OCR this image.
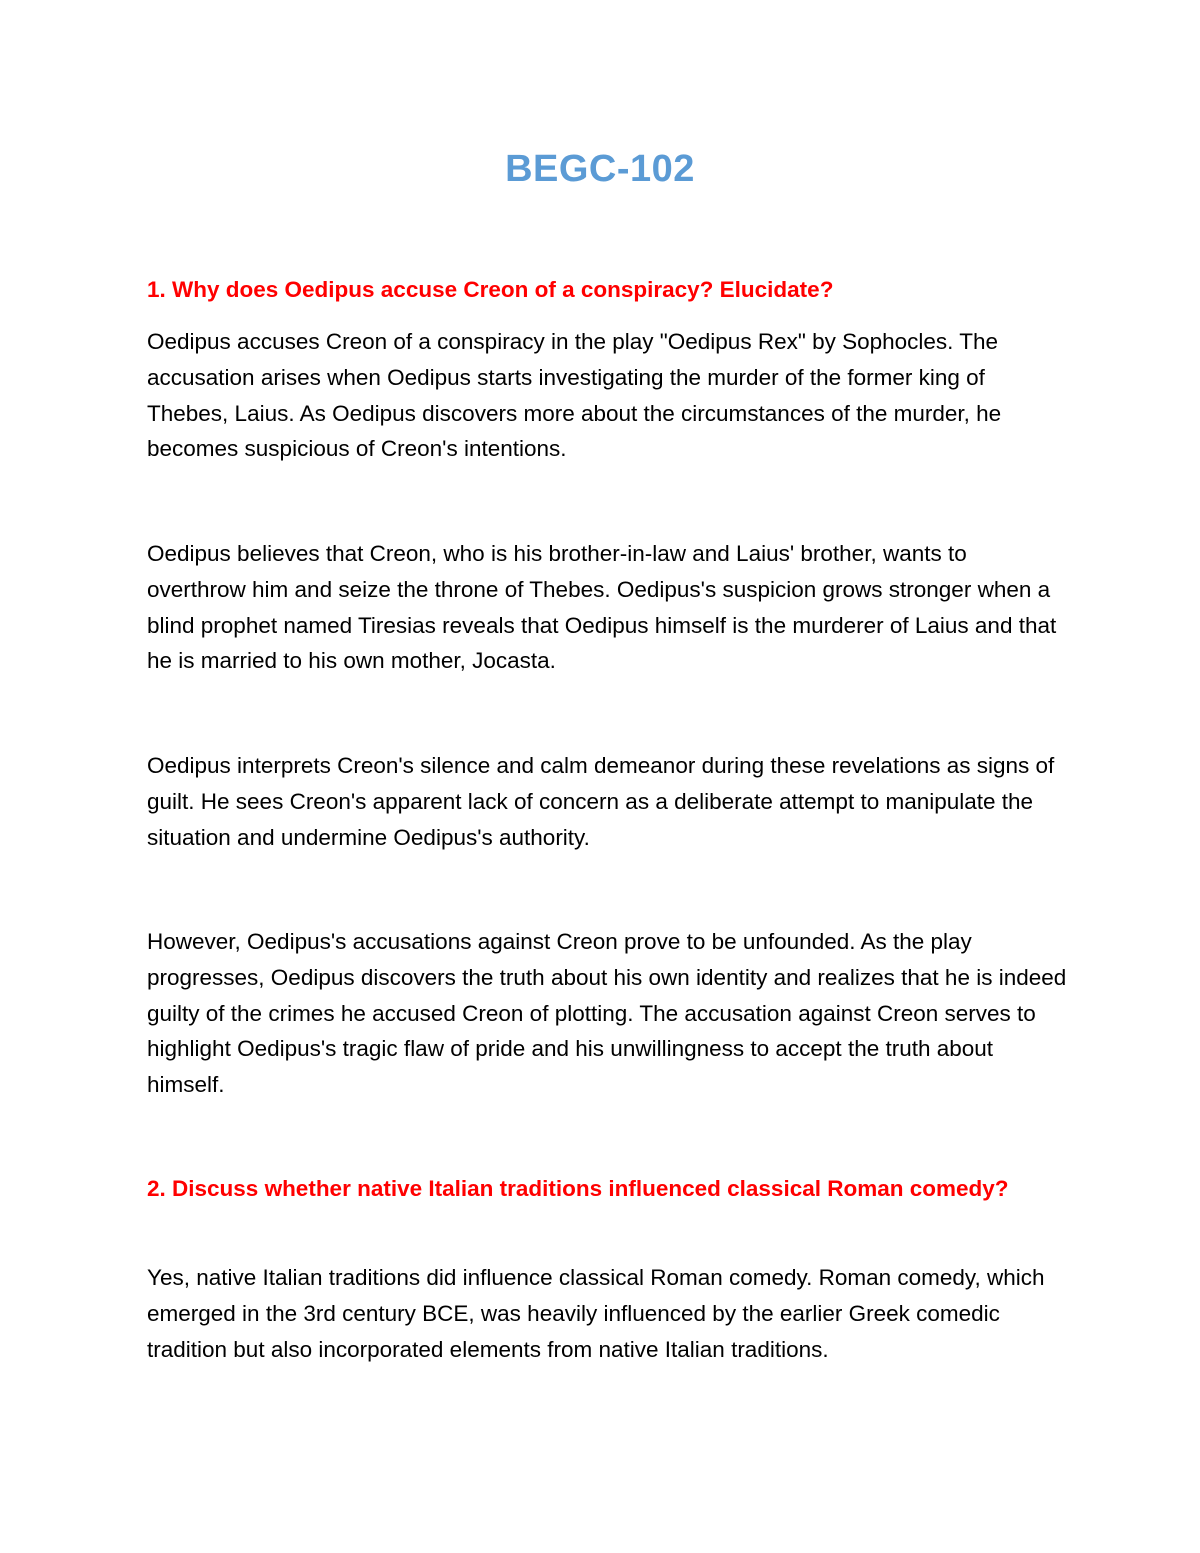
BEGC-102
1. Why does Oedipus accuse Creon of a conspiracy? Elucidate?
Oedipus accuses Creon of a conspiracy in the play "Oedipus Rex" by Sophocles. The accusation arises when Oedipus starts investigating the murder of the former king of Thebes, Laius. As Oedipus discovers more about the circumstances of the murder, he becomes suspicious of Creon's intentions.
Oedipus believes that Creon, who is his brother-in-law and Laius' brother, wants to overthrow him and seize the throne of Thebes. Oedipus's suspicion grows stronger when a blind prophet named Tiresias reveals that Oedipus himself is the murderer of Laius and that he is married to his own mother, Jocasta.
Oedipus interprets Creon's silence and calm demeanor during these revelations as signs of guilt. He sees Creon's apparent lack of concern as a deliberate attempt to manipulate the situation and undermine Oedipus's authority.
However, Oedipus's accusations against Creon prove to be unfounded. As the play progresses, Oedipus discovers the truth about his own identity and realizes that he is indeed guilty of the crimes he accused Creon of plotting. The accusation against Creon serves to highlight Oedipus's tragic flaw of pride and his unwillingness to accept the truth about himself.
2. Discuss whether native Italian traditions influenced classical Roman comedy?
Yes, native Italian traditions did influence classical Roman comedy. Roman comedy, which emerged in the 3rd century BCE, was heavily influenced by the earlier Greek comedic tradition but also incorporated elements from native Italian traditions.
